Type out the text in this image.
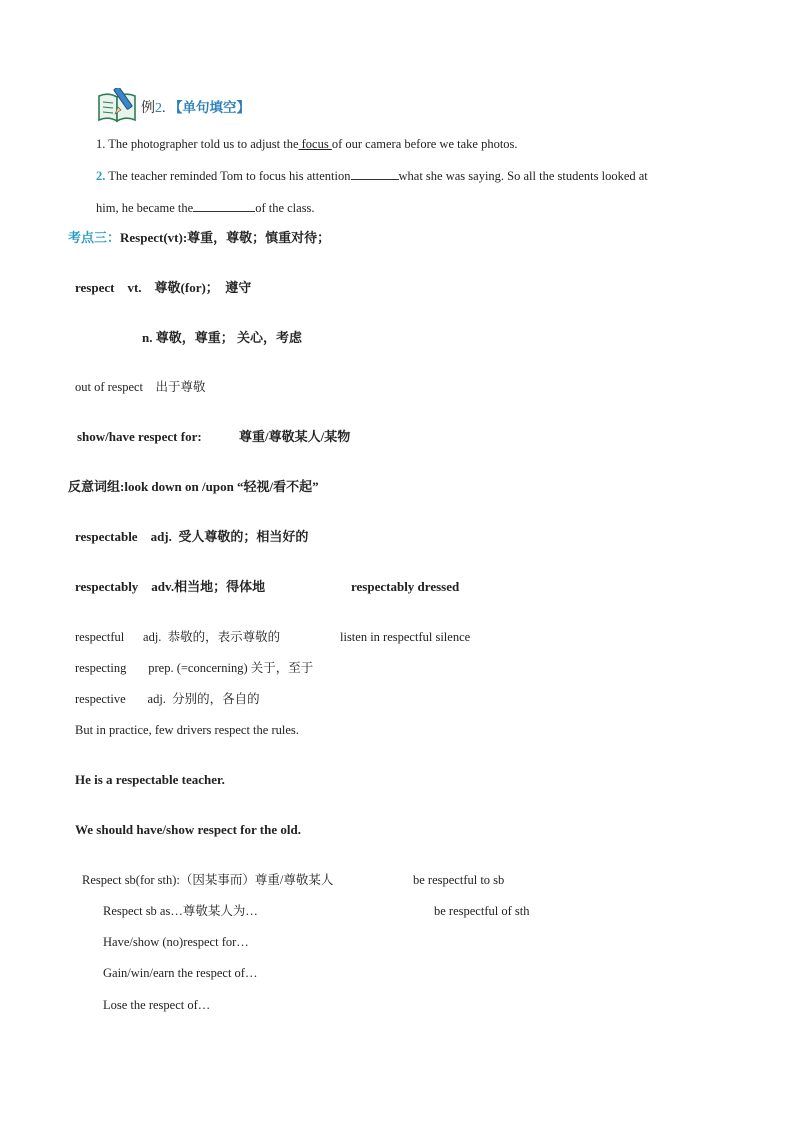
例2. 【单句填空】
1. The photographer told us to adjust the focus of our camera before we take photos.
2. The teacher reminded Tom to focus his attention	what she was saying. So all the students looked at
him, he became the	of the class.
考点三：Respect(vt):尊重，尊敬；慎重对待；
respect    vt.    尊敬(for)；  遵守
n. 尊敬，尊重； 关心，考虑
out of respect    出于尊敬
show/have respect for:	尊重/尊敬某人/某物
反意词组:look down on /upon “轻视/看不起”
respectable    adj.  受人尊敬的；相当好的
respectably    adv.相当地；得体地	respectably dressed
respectful      adj.  恭敬的，表示尊敬的	listen in respectful silence
respecting       prep. (=concerning) 关于，至于
respective       adj.  分别的，各自的
But in practice, few drivers respect the rules.
He is a respectable teacher.
We should have/show respect for the old.
Respect sb(for sth):（因某事而）尊重/尊敬某人	be respectful to sb
Respect sb as…尊敬某人为…	be respectful of sth
Have/show (no)respect for…
Gain/win/earn the respect of…
Lose the respect of…
